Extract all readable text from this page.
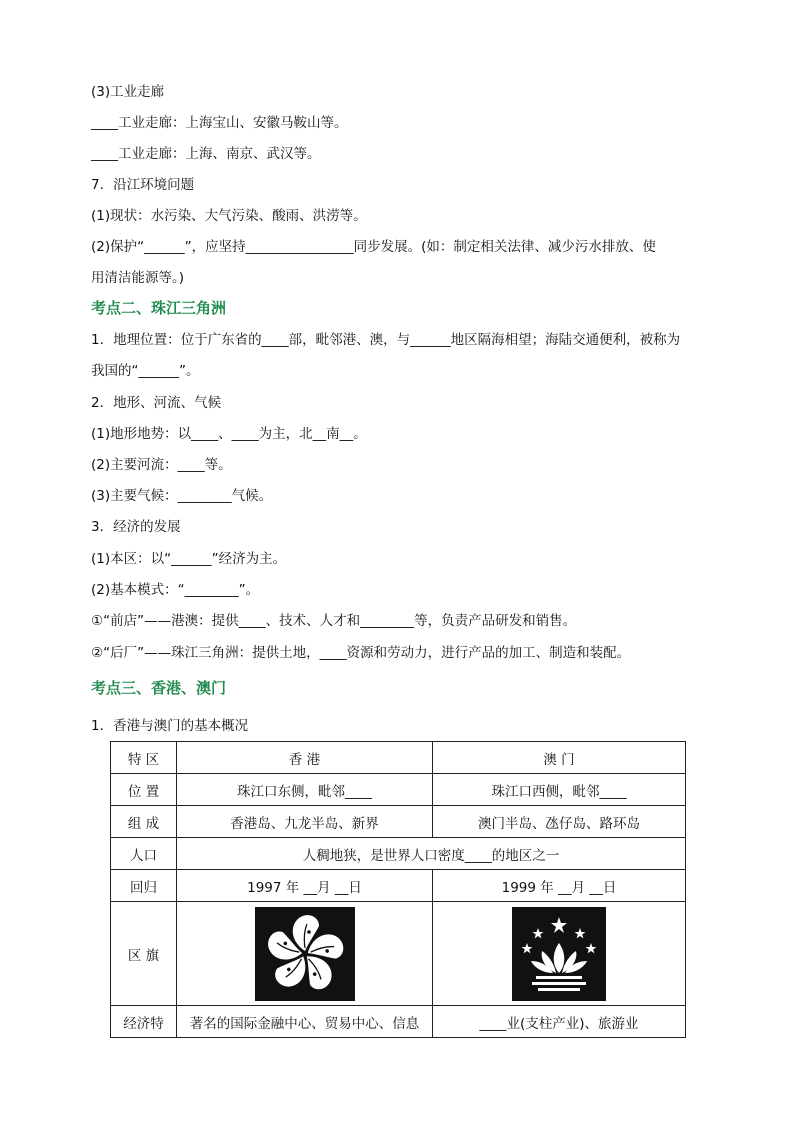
(3)工业走廊
____工业走廊：上海宝山、安徽马鞍山等。
____工业走廊：上海、南京、武汉等。
7．沿江环境问题
(1)现状：水污染、大气污染、酸雨、洪涝等。
(2)保护“______”，应坚持________________同步发展。(如：制定相关法律、减少污水排放、使
用清洁能源等。)
考点二、珠江三角洲
1．地理位置：位于广东省的____部，毗邻港、澳，与______地区隔海相望；海陆交通便利，被称为
我国的“______”。
2．地形、河流、气候
(1)地形地势：以____、____为主，北__南__。
(2)主要河流：____等。
(3)主要气候：________气候。
3．经济的发展
(1)本区：以“______”经济为主。
(2)基本模式：“________”。
①“前店”——港澳：提供____、技术、人才和________等，负责产品研发和销售。
②“后厂”——珠江三角洲：提供土地，____资源和劳动力，进行产品的加工、制造和装配。
考点三、香港、澳门
1．香港与澳门的基本概况
特 区	香 港	澳 门
位 置	珠江口东侧，毗邻____	珠江口西侧，毗邻____
组 成	香港岛、九龙半岛、新界	澳门半岛、氹仔岛、路环岛
人口	人稠地狭，是世界人口密度____的地区之一	
回归	1997 年 __月 __日	1999 年 __月 __日
区 旗		
经济特	著名的国际金融中心、贸易中心、信息	____业(支柱产业)、旅游业
